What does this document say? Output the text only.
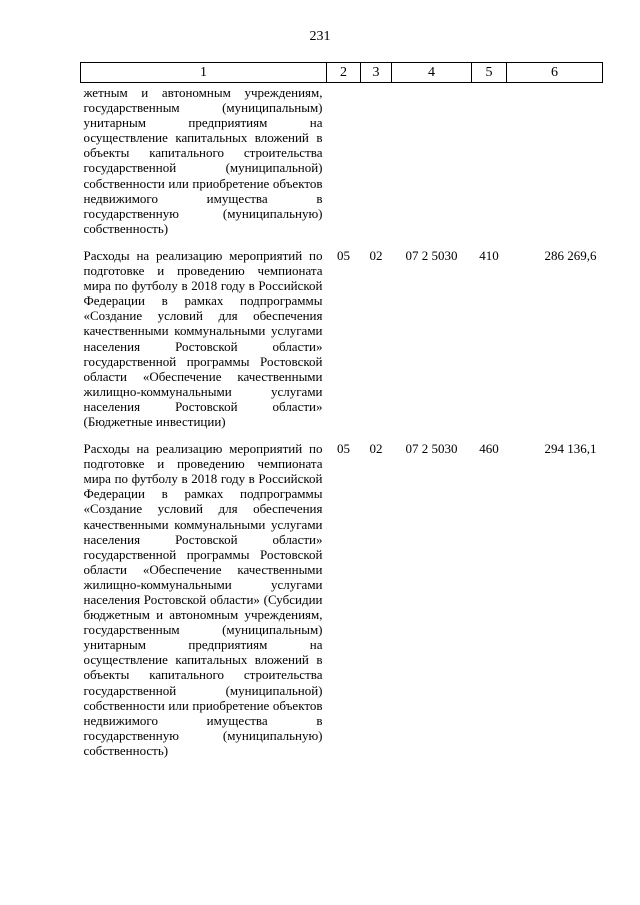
231
1	2	3	4	5	6
жетным и автономным учреждениям, государственным (муниципальным) унитарным предприятиям на осуществление капитальных вложений в объекты капитального строительства государственной (муниципальной) собственности или приобретение объектов недвижимого имущества в государственную (муниципальную) собственность)					
Расходы на реализацию мероприятий по подготовке и проведению чемпионата мира по футболу в 2018 году в Российской Федерации в рамках подпрограммы «Создание условий для обеспечения качественными коммунальными услугами населения Ростовской области» государственной программы Ростовской области «Обеспечение качественными жилищно-коммунальными услугами населения Ростовской области» (Бюджетные инвестиции)	05	02	07 2 5030	410	286 269,6
Расходы на реализацию мероприятий по подготовке и проведению чемпионата мира по футболу в 2018 году в Российской Федерации в рамках подпрограммы «Создание условий для обеспечения качественными коммунальными услугами населения Ростовской области» государственной программы Ростовской области «Обеспечение качественными жилищно-коммунальными услугами населения Ростовской области» (Субсидии бюджетным и автономным учреждениям, государственным (муниципальным) унитарным предприятиям на осуществление капитальных вложений в объекты капитального строительства государственной (муниципальной) собственности или приобретение объектов недвижимого имущества в государственную (муниципальную) собственность)	05	02	07 2 5030	460	294 136,1
